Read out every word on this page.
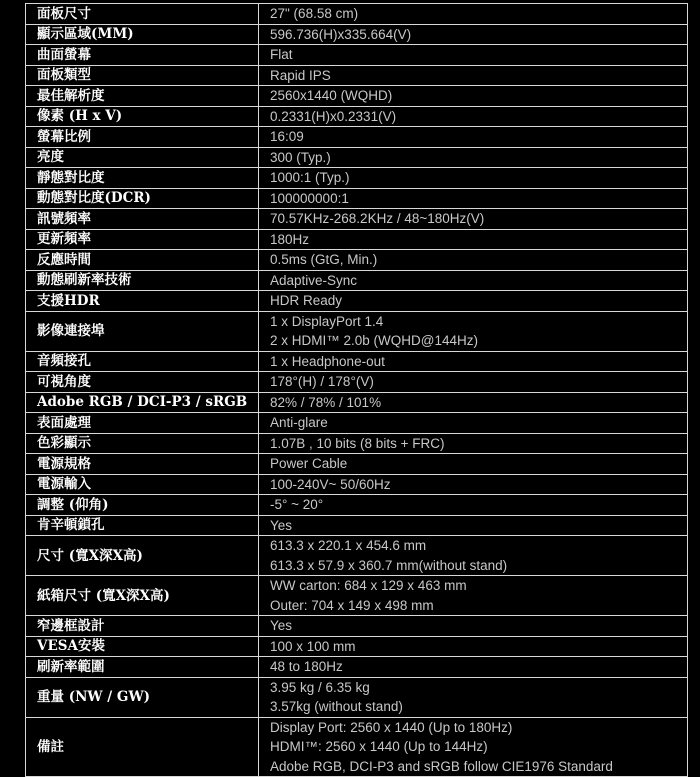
面板尺寸	27" (68.58 cm)

顯示區域(MM)	596.736(H)x335.664(V)

曲面螢幕	Flat

面板類型	Rapid IPS

最佳解析度	2560x1440 (WQHD)

像素 (H x V)	0.2331(H)x0.2331(V)

螢幕比例	16:09

亮度	300 (Typ.)

靜態對比度	1000:1 (Typ.)

動態對比度(DCR)	100000000:1

訊號頻率	70.57KHz-268.2KHz / 48~180Hz(V)

更新頻率	180Hz

反應時間	0.5ms (GtG, Min.)

動態刷新率技術	Adaptive-Sync

支援HDR	HDR Ready

影像連接埠	1 x DisplayPort 1.4
2 x HDMI™ 2.0b (WQHD@144Hz)

音頻接孔	1 x Headphone-out

可視角度	178°(H) / 178°(V)

Adobe RGB / DCI-P3 / sRGB	82% / 78% / 101%

表面處理	Anti-glare

色彩顯示	1.07B , 10 bits (8 bits + FRC)

電源規格	Power Cable

電源輸入	100-240V~ 50/60Hz

調整 (仰角)	-5° ~ 20°

肯辛頓鎖孔	Yes

尺寸 (寬X深X高)	613.3 x 220.1 x 454.6 mm
613.3 x 57.9 x 360.7 mm(without stand)

紙箱尺寸 (寬X深X高)	WW carton: 684 x 129 x 463 mm
Outer: 704 x 149 x 498 mm

窄邊框設計	Yes

VESA安裝	100 x 100 mm

刷新率範圍	48 to 180Hz

重量 (NW / GW)	3.95 kg / 6.35 kg
3.57kg (without stand)

備註	Display Port: 2560 x 1440 (Up to 180Hz)
HDMI™: 2560 x 1440 (Up to 144Hz)
Adobe RGB, DCI-P3 and sRGB follow CIE1976 Standard
